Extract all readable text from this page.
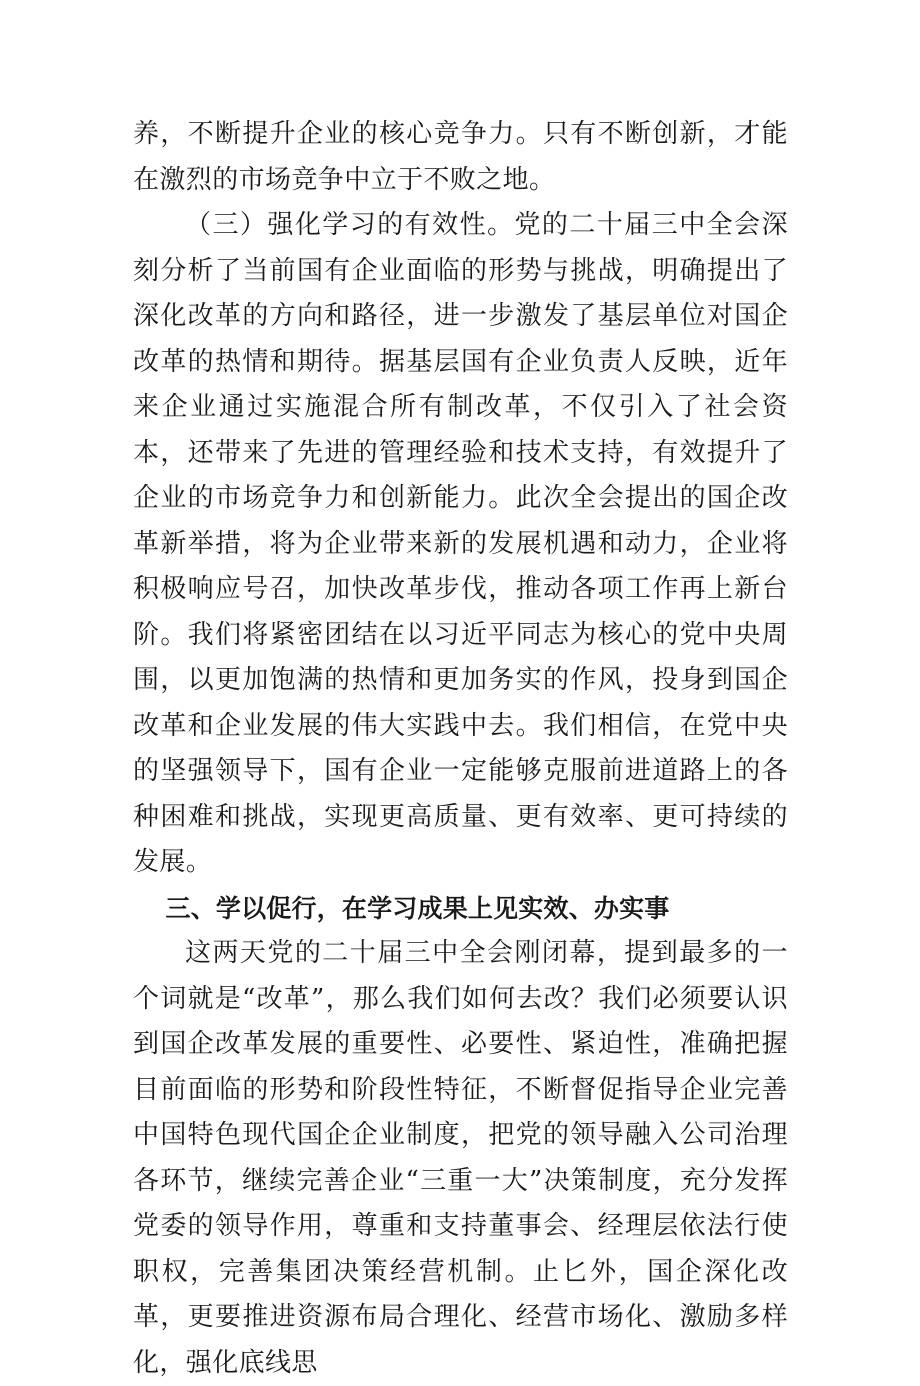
养，不断提升企业的核心竞争力。只有不断创新，才能在激烈的市场竞争中立于不败之地。

（三）强化学习的有效性。党的二十届三中全会深刻分析了当前国有企业面临的形势与挑战，明确提出了深化改革的方向和路径，进一步激发了基层单位对国企改革的热情和期待。据基层国有企业负责人反映，近年来企业通过实施混合所有制改革，不仅引入了社会资本，还带来了先进的管理经验和技术支持，有效提升了企业的市场竞争力和创新能力。此次全会提出的国企改革新举措，将为企业带来新的发展机遇和动力，企业将积极响应号召，加快改革步伐，推动各项工作再上新台阶。我们将紧密团结在以习近平同志为核心的党中央周围，以更加饱满的热情和更加务实的作风，投身到国企改革和企业发展的伟大实践中去。我们相信，在党中央的坚强领导下，国有企业一定能够克服前进道路上的各种困难和挑战，实现更高质量、更有效率、更可持续的发展。

三、学以促行，在学习成果上见实效、办实事

这两天党的二十届三中全会刚闭幕，提到最多的一个词就是“改革”，那么我们如何去改？我们必须要认识到国企改革发展的重要性、必要性、紧迫性，准确把握目前面临的形势和阶段性特征，不断督促指导企业完善中国特色现代国企企业制度，把党的领导融入公司治理各环节，继续完善企业“三重一大”决策制度，充分发挥党委的领导作用，尊重和支持董事会、经理层依法行使职权，完善集团决策经营机制。止匕外，国企深化改革，更要推进资源布局合理化、经营市场化、激励多样化，强化底线思
